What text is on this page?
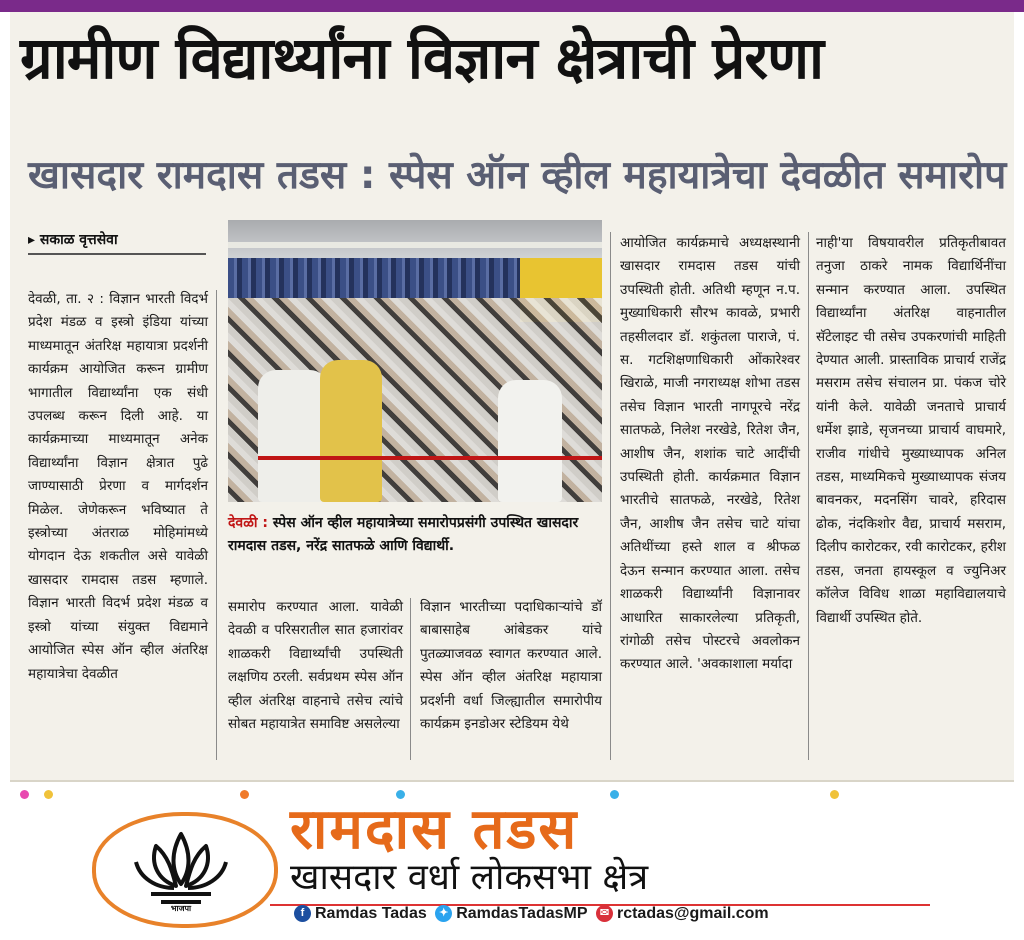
ग्रामीण विद्यार्थ्यांना विज्ञान क्षेत्राची प्रेरणा
खासदार रामदास तडस : स्पेस ऑन व्हील महायात्रेचा देवळीत समारोप
▸ सकाळ वृत्तसेवा

देवळी, ता. २ : विज्ञान भारती विदर्भ प्रदेश मंडळ व इस्त्रो इंडिया यांच्या माध्यमातून अंतरिक्ष महायात्रा प्रदर्शनी कार्यक्रम आयोजित करून ग्रामीण भागातील विद्यार्थ्यांना एक संधी उपलब्ध करून दिली आहे. या कार्यक्रमाच्या माध्यमातून अनेक विद्यार्थ्यांना विज्ञान क्षेत्रात पुढे जाण्यासाठी प्रेरणा व मार्गदर्शन मिळेल. जेणेकरून भविष्यात ते इस्त्रोच्या अंतराळ मोहिमांमध्ये योगदान देऊ शकतील असे यावेळी खासदार रामदास तडस म्हणाले. विज्ञान भारती विदर्भ प्रदेश मंडळ व इस्त्रो यांच्या संयुक्त विद्यमाने आयोजित स्पेस ऑन व्हील अंतरिक्ष महायात्रेचा देवळीत

देवळी : स्पेस ऑन व्हील महायात्रेच्या समारोपप्रसंगी उपस्थित खासदार रामदास तडस, नरेंद्र सातफळे आणि विद्यार्थी.

समारोप करण्यात आला. यावेळी देवळी व परिसरातील सात हजारांवर शाळकरी विद्यार्थ्यांची उपस्थिती लक्षणिय ठरली. सर्वप्रथम स्पेस ऑन व्हील अंतरिक्ष वाहनाचे तसेच त्यांचे सोबत महायात्रेत समाविष्ट असलेल्या

विज्ञान भारतीच्या पदाधिकाऱ्यांचे डॉ बाबासाहेब आंबेडकर यांचे पुतळ्याजवळ स्वागत करण्यात आले. स्पेस ऑन व्हील अंतरिक्ष महायात्रा प्रदर्शनी वर्धा जिल्ह्यातील समारोपीय कार्यक्रम इनडोअर स्टेडियम येथे

आयोजित कार्यक्रमाचे अध्यक्षस्थानी खासदार रामदास तडस यांची उपस्थिती होती. अतिथी म्हणून न.प. मुख्याधिकारी सौरभ कावळे, प्रभारी तहसीलदार डॉ. शकुंतला पाराजे, पं. स. गटशिक्षणाधिकारी ओंकारेश्वर खिराळे, माजी नगराध्यक्ष शोभा तडस तसेच विज्ञान भारती नागपूरचे नरेंद्र सातफळे, निलेश नरखेडे, रितेश जैन, आशीष जैन, शशांक चाटे आदींची उपस्थिती होती. कार्यक्रमात विज्ञान भारतीचे सातफळे, नरखेडे, रितेश जैन, आशीष जैन तसेच चाटे यांचा अतिथींच्या हस्ते शाल व श्रीफळ देऊन सन्मान करण्यात आला. तसेच शाळकरी विद्यार्थ्यांनी विज्ञानावर आधारित साकारलेल्या प्रतिकृती, रांगोळी तसेच पोस्टरचे अवलोकन करण्यात आले. 'अवकाशाला मर्यादा

नाही'या विषयावरील प्रतिकृतीबावत तनुजा ठाकरे नामक विद्यार्थिनींचा सन्मान करण्यात आला. उपस्थित विद्यार्थ्यांना अंतरिक्ष वाहनातील सॅटेलाइट ची तसेच उपकरणांची माहिती देण्यात आली. प्रास्ताविक प्राचार्य राजेंद्र मसराम तसेच संचालन प्रा. पंकज चोरे यांनी केले. यावेळी जनताचे प्राचार्य धर्मेश झाडे, सृजनच्या प्राचार्य वाघमारे, राजीव गांधीचे मुख्याध्यापक अनिल तडस, माध्यमिकचे मुख्याध्यापक संजय बावनकर, मदनसिंग चावरे, हरिदास ढोक, नंदकिशोर वैद्य, प्राचार्य मसराम, दिलीप कारोटकर, रवी कारोटकर, हरीश तडस, जनता हायस्कूल व ज्युनिअर कॉलेज विविध शाळा महाविद्यालयाचे विद्यार्थी उपस्थित होते.

भाजपा
रामदास तडस
खासदार वर्धा लोकसभा क्षेत्र
f Ramdas Tadas ✦ RamdasTadasMP ✉ rctadas@gmail.com
